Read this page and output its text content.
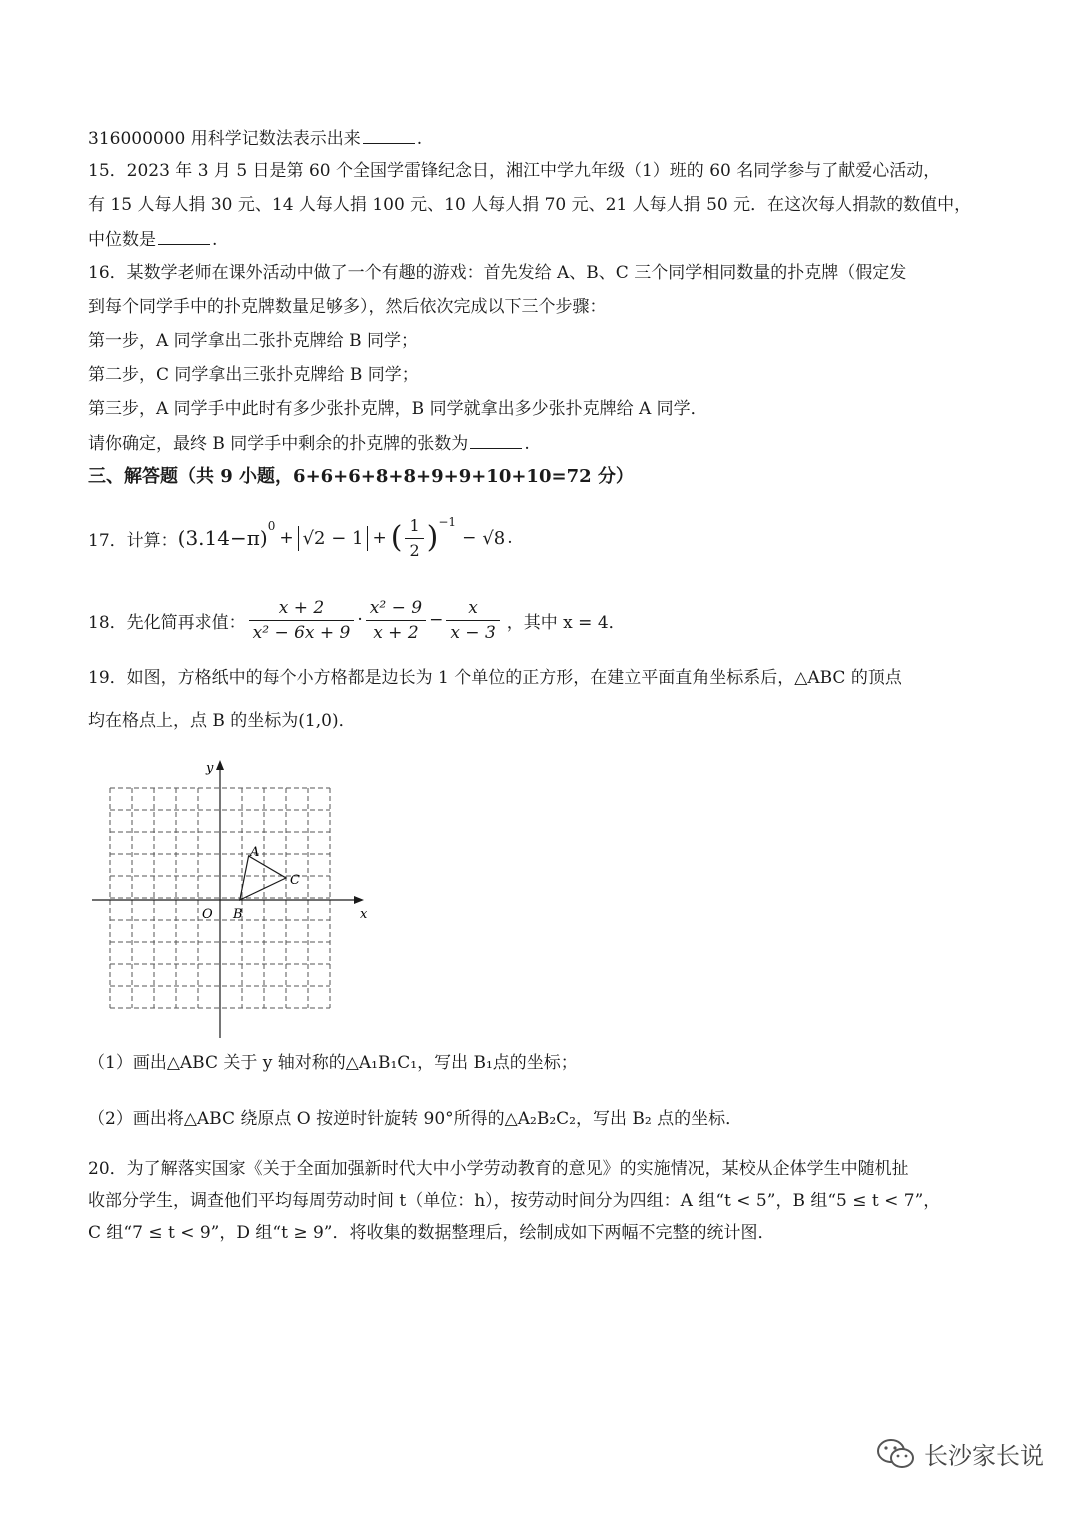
316000000 用科学记数法表示出来	.
15．2023 年 3 月 5 日是第 60 个全国学雷锋纪念日，湘江中学九年级（1）班的 60 名同学参与了献爱心活动，
有 15 人每人捐 30 元、14 人每人捐 100 元、10 人每人捐 70 元、21 人每人捐 50 元．在这次每人捐款的数值中，
中位数是	.
16．某数学老师在课外活动中做了一个有趣的游戏：首先发给 A、B、C 三个同学相同数量的扑克牌（假定发
到每个同学手中的扑克牌数量足够多），然后依次完成以下三个步骤：
第一步，A 同学拿出二张扑克牌给 B 同学；
第二步，C 同学拿出三张扑克牌给 B 同学；
第三步，A 同学手中此时有多少张扑克牌，B 同学就拿出多少张扑克牌给 A 同学．
请你确定，最终 B 同学手中剩余的扑克牌的张数为	.
三、解答题（共 9 小题，6+6+6+8+8+9+9+10+10=72 分）
17．计算： $(3.14-\pi)^0$
+ √2 − 1 + ( $\frac{1}{2} )^{-1}$
− √8 .
18．先化简再求值： $\frac{x + 2}{\text{x² − 6x + 9}} \cdot \frac{\text{x² − 9}}{x + 2} - \frac{x}{x - 3}$ ，其中 x = 4．
19．如图，方格纸中的每个小方格都是边长为 1 个单位的正方形，在建立平面直角坐标系后，△ABC 的顶点
均在格点上，点 B 的坐标为(1,0)．
x
y
O B
A
C
（1）画出△ABC 关于 y 轴对称的△A₁B₁C₁，写出 B₁点的坐标；
（2）画出将△ABC 绕原点 O 按逆时针旋转 90°所得的△A₂B₂C₂，写出 B₂ 点的坐标．
20．为了解落实国家《关于全面加强新时代大中小学劳动教育的意见》的实施情况，某校从企体学生中随机扯
收部分学生，调查他们平均每周劳动时间 t（单位：h），按劳动时间分为四组：A 组“t < 5”，B 组“5 ≤ t < 7”，
C 组“7 ≤ t < 9”，D 组“t ≥ 9”．将收集的数据整理后，绘制成如下两幅不完整的统计图．
长沙家长说
